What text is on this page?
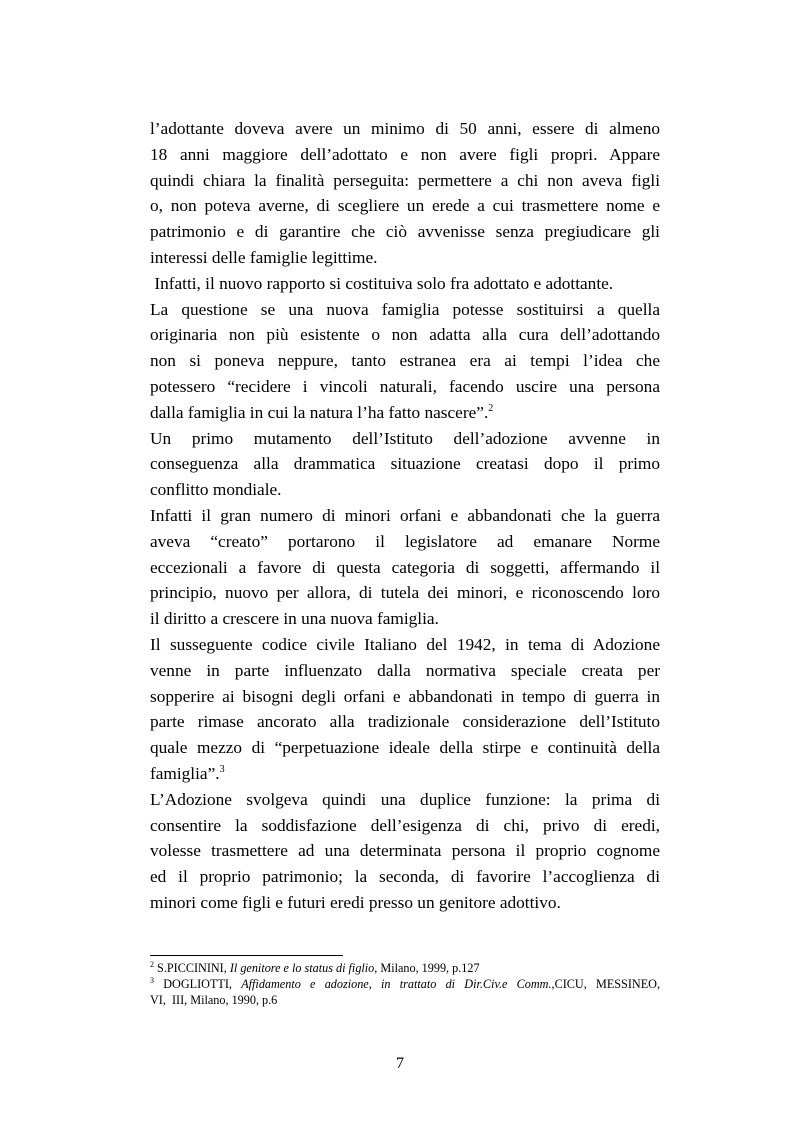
l’adottante doveva avere un minimo di 50 anni, essere di almeno
18 anni maggiore dell’adottato e non avere figli propri. Appare
quindi chiara la finalità perseguita: permettere a chi non aveva figli
o, non poteva averne, di scegliere un erede a cui trasmettere nome e
patrimonio e di garantire che ciò avvenisse senza pregiudicare gli
interessi delle famiglie legittime.
Infatti, il nuovo rapporto si costituiva solo fra adottato e adottante.
La questione se una nuova famiglia potesse sostituirsi a quella
originaria non più esistente o non adatta alla cura dell’adottando
non si poneva neppure, tanto estranea era ai tempi l’idea che
potessero “recidere i vincoli naturali, facendo uscire una persona
dalla famiglia in cui la natura l’ha fatto nascere”.$^2$
Un primo mutamento dell’Istituto dell’adozione avvenne in
conseguenza alla drammatica situazione creatasi dopo il primo
conflitto mondiale.
Infatti il gran numero di minori orfani e abbandonati che la guerra
aveva “creato” portarono il legislatore ad emanare Norme
eccezionali a favore di questa categoria di soggetti, affermando il
principio, nuovo per allora, di tutela dei minori, e riconoscendo loro
il diritto a crescere in una nuova famiglia.
Il susseguente codice civile Italiano del 1942, in tema di Adozione
venne in parte influenzato dalla normativa speciale creata per
sopperire ai bisogni degli orfani e abbandonati in tempo di guerra in
parte rimase ancorato alla tradizionale considerazione dell’Istituto
quale mezzo di “perpetuazione ideale della stirpe e continuità della
famiglia”.$^3$
L’Adozione svolgeva quindi una duplice funzione: la prima di
consentire la soddisfazione dell’esigenza di chi, privo di eredi,
volesse trasmettere ad una determinata persona il proprio cognome
ed il proprio patrimonio; la seconda, di favorire l’accoglienza di
minori come figli e futuri eredi presso un genitore adottivo.
$^2$ S.PICCININI, Il genitore e lo status di figlio, Milano, 1999, p.127
$^3$ DOGLIOTTI, Affidamento e adozione, in trattato di Dir.Civ.e Comm.,CICU, MESSINEO,
VI,  III, Milano, 1990, p.6
7
